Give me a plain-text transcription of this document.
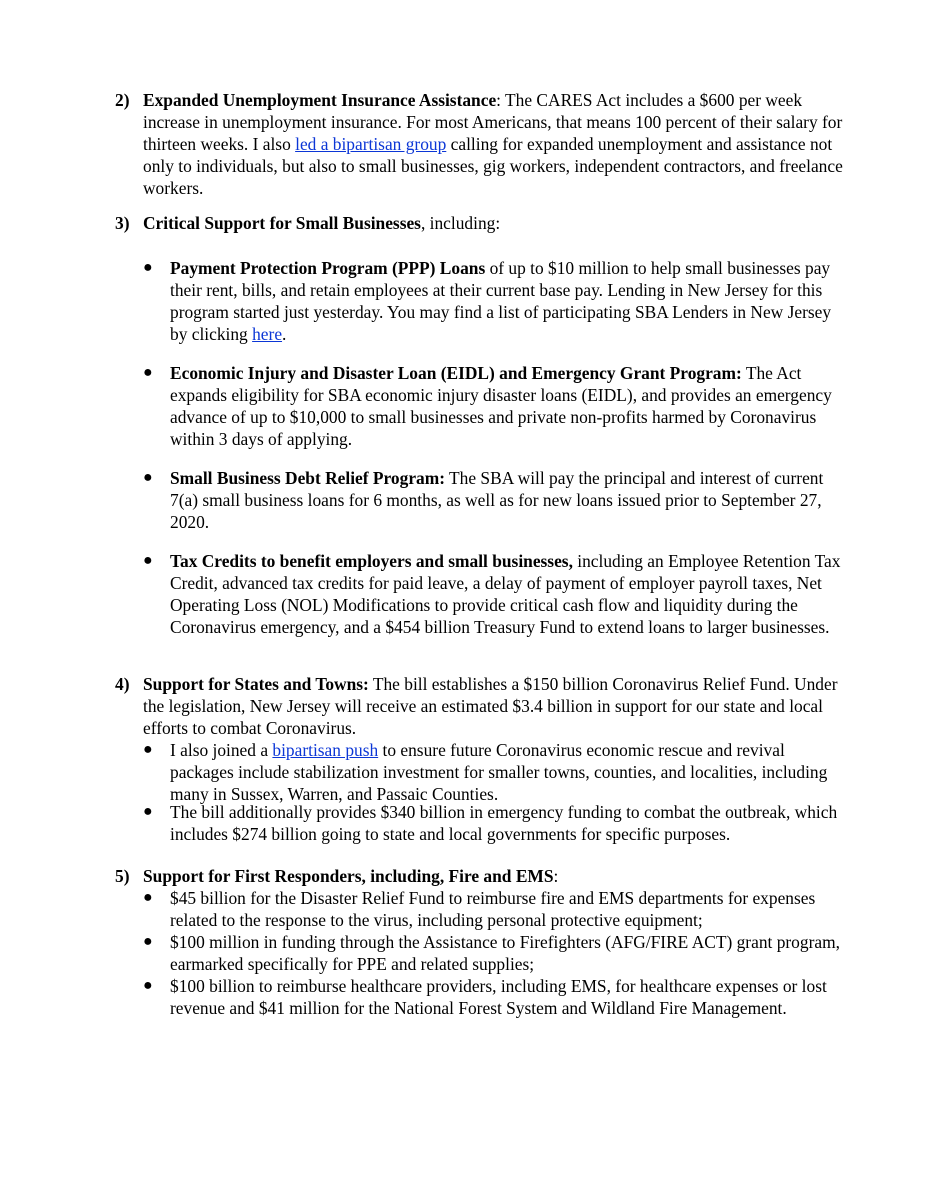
2) Expanded Unemployment Insurance Assistance: The CARES Act includes a $600 per week increase in unemployment insurance. For most Americans, that means 100 percent of their salary for thirteen weeks. I also led a bipartisan group calling for expanded unemployment and assistance not only to individuals, but also to small businesses, gig workers, independent contractors, and freelance workers.
3) Critical Support for Small Businesses, including:
● Payment Protection Program (PPP) Loans of up to $10 million to help small businesses pay their rent, bills, and retain employees at their current base pay. Lending in New Jersey for this program started just yesterday. You may find a list of participating SBA Lenders in New Jersey by clicking here.
● Economic Injury and Disaster Loan (EIDL) and Emergency Grant Program: The Act expands eligibility for SBA economic injury disaster loans (EIDL), and provides an emergency advance of up to $10,000 to small businesses and private non-profits harmed by Coronavirus within 3 days of applying.
● Small Business Debt Relief Program: The SBA will pay the principal and interest of current 7(a) small business loans for 6 months, as well as for new loans issued prior to September 27, 2020.
● Tax Credits to benefit employers and small businesses, including an Employee Retention Tax Credit, advanced tax credits for paid leave, a delay of payment of employer payroll taxes, Net Operating Loss (NOL) Modifications to provide critical cash flow and liquidity during the Coronavirus emergency, and a $454 billion Treasury Fund to extend loans to larger businesses.
4) Support for States and Towns: The bill establishes a $150 billion Coronavirus Relief Fund. Under the legislation, New Jersey will receive an estimated $3.4 billion in support for our state and local efforts to combat Coronavirus.
● I also joined a bipartisan push to ensure future Coronavirus economic rescue and revival packages include stabilization investment for smaller towns, counties, and localities, including many in Sussex, Warren, and Passaic Counties.
● The bill additionally provides $340 billion in emergency funding to combat the outbreak, which includes $274 billion going to state and local governments for specific purposes.
5) Support for First Responders, including, Fire and EMS:
● $45 billion for the Disaster Relief Fund to reimburse fire and EMS departments for expenses related to the response to the virus, including personal protective equipment;
● $100 million in funding through the Assistance to Firefighters (AFG/FIRE ACT) grant program, earmarked specifically for PPE and related supplies;
● $100 billion to reimburse healthcare providers, including EMS, for healthcare expenses or lost revenue and $41 million for the National Forest System and Wildland Fire Management.
